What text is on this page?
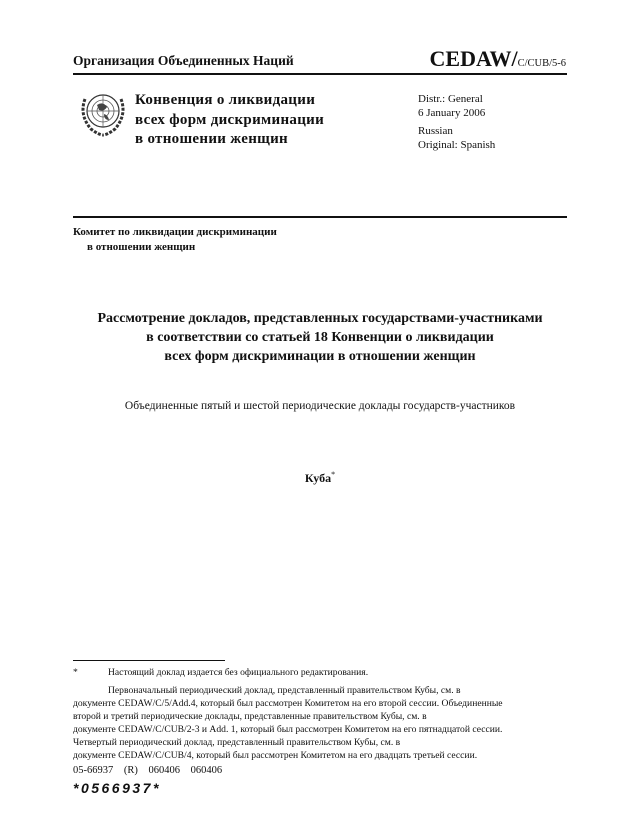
Организация Объединенных Наций	CEDAW/C/CUB/5-6
Конвенция о ликвидации
всех форм дискриминации
в отношении женщин
Distr.: General
6 January 2006
Russian
Original: Spanish
Комитет по ликвидации дискриминации
в отношении женщин
Рассмотрение докладов, представленных государствами-участниками
в соответствии со статьей 18 Конвенции о ликвидации
всех форм дискриминации в отношении женщин
Объединенные пятый и шестой периодические доклады государств-участников
Куба*
*	Настоящий доклад издается без официального редактирования.
Первоначальный периодический доклад, представленный правительством Кубы, см. в
документе CEDAW/C/5/Add.4, который был рассмотрен Комитетом на его второй сессии. Объединенные
второй и третий периодические доклады, представленные правительством Кубы, см. в
документе CEDAW/C/CUB/2-3 и Add. 1, который был рассмотрен Комитетом на его пятнадцатой сессии.
Четвертый периодический доклад, представленный правительством Кубы, см. в
документе CEDAW/C/CUB/4, который был рассмотрен Комитетом на его двадцать третьей сессии.
05-66937 (R) 060406 060406
*0566937*
